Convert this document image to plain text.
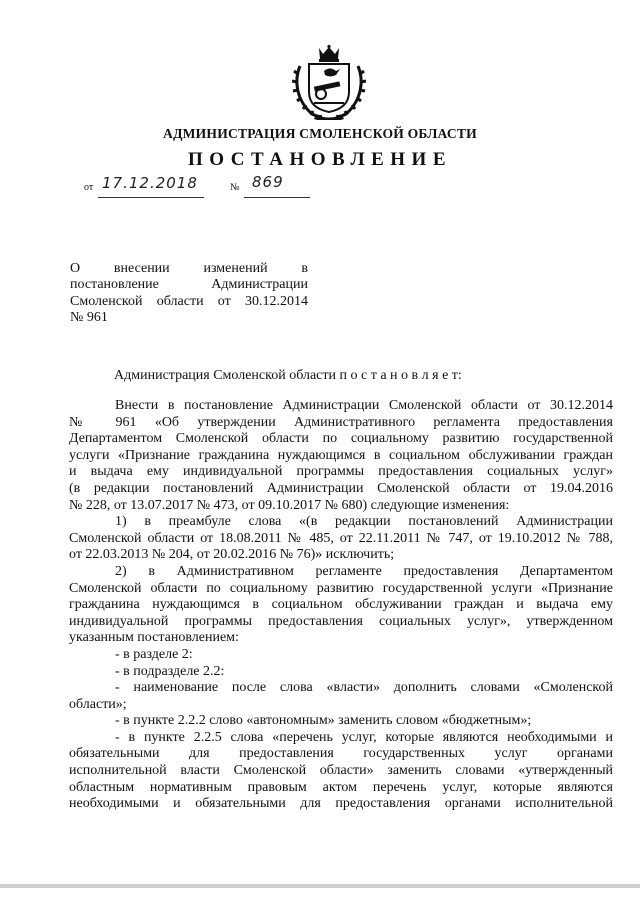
АДМИНИСТРАЦИЯ СМОЛЕНСКОЙ ОБЛАСТИ
ПОСТАНОВЛЕНИЕ
от 17.12.2018	№ 869

О внесении изменений в

постановление Администрации

Смоленской области от 30.12.2014

№ 961

Администрация Смоленской области п о с т а н о в л я е т:

Внести в постановление Администрации Смоленской области от 30.12.2014

№ 961 «Об утверждении Административного регламента предоставления

Департаментом Смоленской области по социальному развитию государственной

услуги «Признание гражданина нуждающимся в социальном обслуживании граждан

и выдача ему индивидуальной программы предоставления социальных услуг»

(в редакции постановлений Администрации Смоленской области от 19.04.2016

№ 228, от 13.07.2017 № 473, от 09.10.2017 № 680) следующие изменения:

1) в преамбуле слова «(в редакции постановлений Администрации

Смоленской области от 18.08.2011 № 485, от 22.11.2011 № 747, от 19.10.2012 № 788,

от 22.03.2013 № 204, от 20.02.2016 № 76)» исключить;

2) в Административном регламенте предоставления Департаментом

Смоленской области по социальному развитию государственной услуги «Признание

гражданина нуждающимся в социальном обслуживании граждан и выдача ему

индивидуальной программы предоставления социальных услуг», утвержденном

указанным постановлением:

- в разделе 2:

- в подразделе 2.2:

- наименование после слова «власти» дополнить словами «Смоленской

области»;

- в пункте 2.2.2 слово «автономным» заменить словом «бюджетным»;

- в пункте 2.2.5 слова «перечень услуг, которые являются необходимыми и

обязательными для предоставления государственных услуг органами

исполнительной власти Смоленской области» заменить словами «утвержденный

областным нормативным правовым актом перечень услуг, которые являются

необходимыми и обязательными для предоставления органами исполнительной
